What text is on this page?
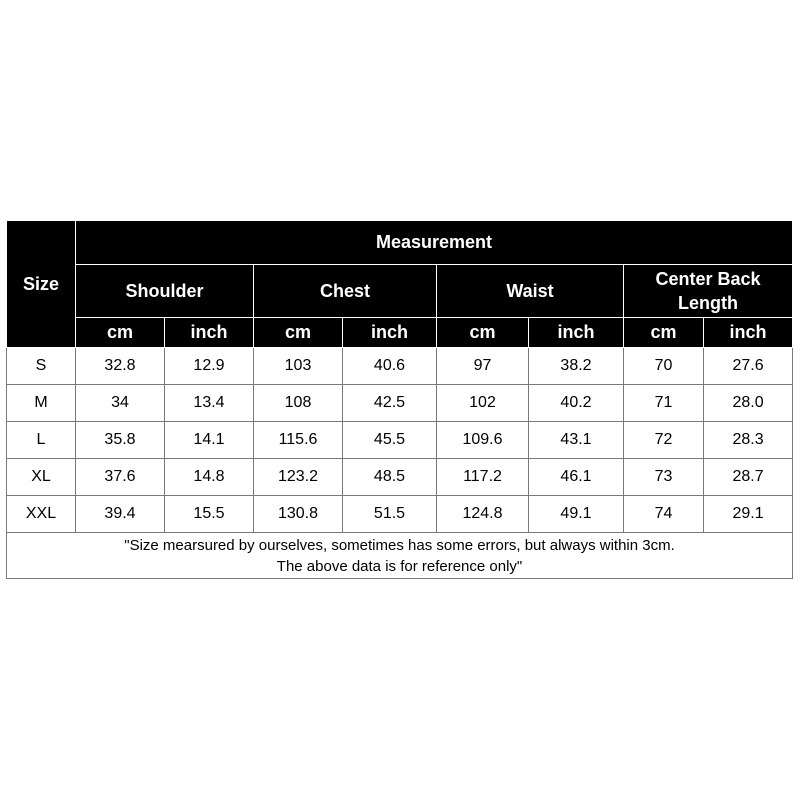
Size	Measurement							
	Shoulder		Chest		Waist		Center Back Length	
	cm	inch	cm	inch	cm	inch	cm	inch
S	32.8	12.9	103	40.6	97	38.2	70	27.6
M	34	13.4	108	42.5	102	40.2	71	28.0
L	35.8	14.1	115.6	45.5	109.6	43.1	72	28.3
XL	37.6	14.8	123.2	48.5	117.2	46.1	73	28.7
XXL	39.4	15.5	130.8	51.5	124.8	49.1	74	29.1

"Size mearsured by ourselves, sometimes has some errors, but always within 3cm.
The above data is for reference only"								
